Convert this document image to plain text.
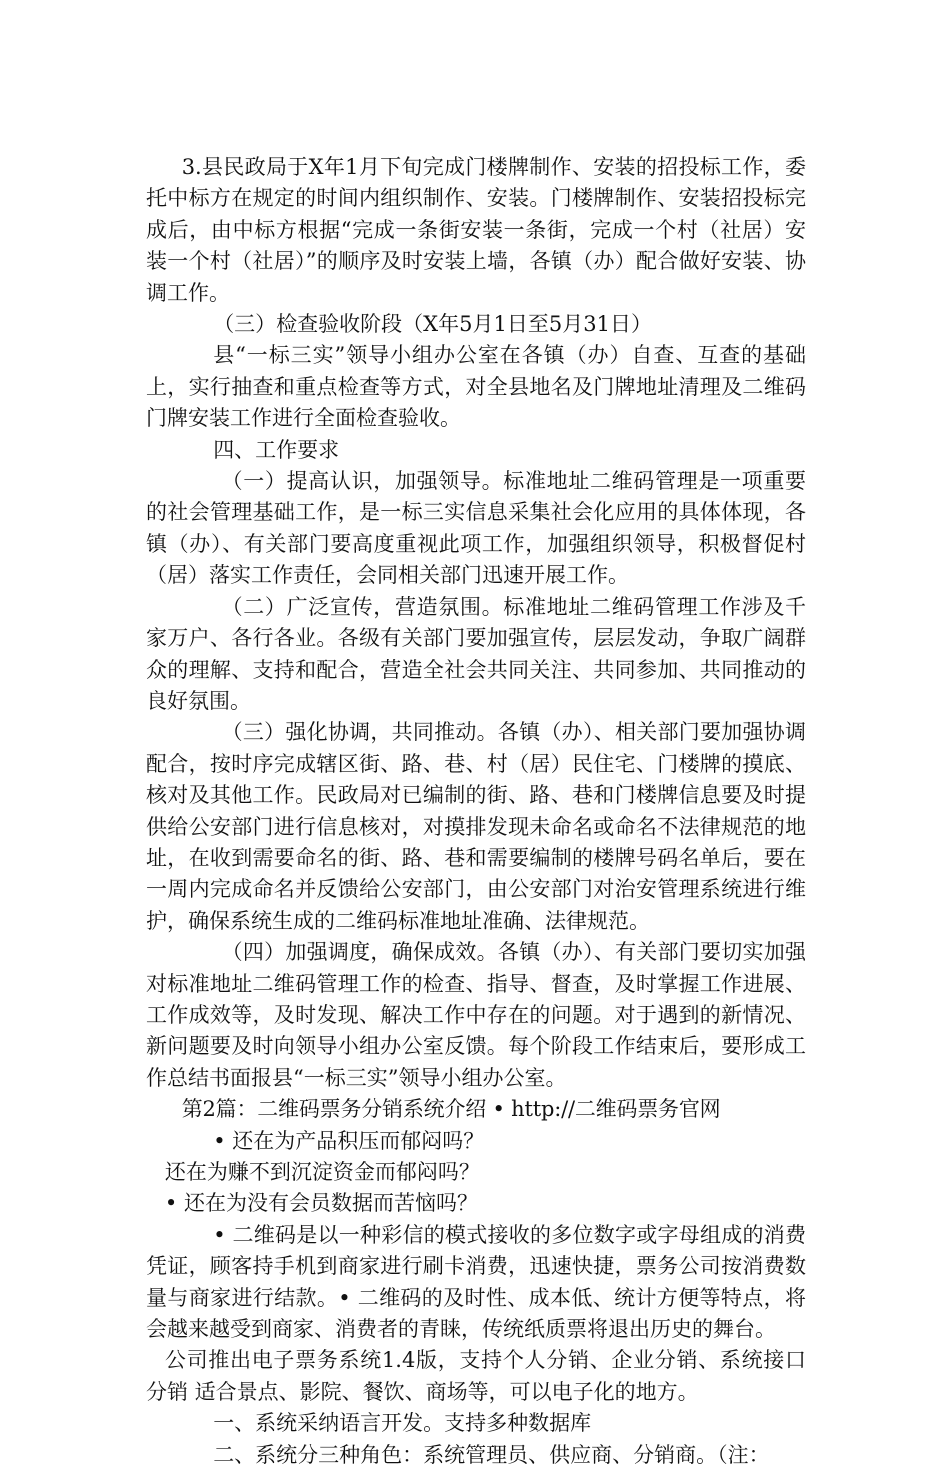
3.县民政局于X年1月下旬完成门楼牌制作、安装的招投标工作，委托中标方在规定的时间内组织制作、安装。门楼牌制作、安装招投标完成后，由中标方根据“完成一条街安装一条街，完成一个村（社居）安装一个村（社居）”的顺序及时安装上墙，各镇（办）配合做好安装、协调工作。

（三）检查验收阶段（X年5月1日至5月31日）

县“一标三实”领导小组办公室在各镇（办）自查、互查的基础上，实行抽查和重点检查等方式，对全县地名及门牌地址清理及二维码门牌安装工作进行全面检查验收。

四、工作要求

（一）提高认识，加强领导。标准地址二维码管理是一项重要的社会管理基础工作，是一标三实信息采集社会化应用的具体体现，各镇（办）、有关部门要高度重视此项工作，加强组织领导，积极督促村（居）落实工作责任，会同相关部门迅速开展工作。

（二）广泛宣传，营造氛围。标准地址二维码管理工作涉及千家万户、各行各业。各级有关部门要加强宣传，层层发动，争取广阔群众的理解、支持和配合，营造全社会共同关注、共同参加、共同推动的良好氛围。

（三）强化协调，共同推动。各镇（办）、相关部门要加强协调配合，按时序完成辖区街、路、巷、村（居）民住宅、门楼牌的摸底、核对及其他工作。民政局对已编制的街、路、巷和门楼牌信息要及时提供给公安部门进行信息核对，对摸排发现未命名或命名不法律规范的地址，在收到需要命名的街、路、巷和需要编制的楼牌号码名单后，要在一周内完成命名并反馈给公安部门，由公安部门对治安管理系统进行维护，确保系统生成的二维码标准地址准确、法律规范。

（四）加强调度，确保成效。各镇（办）、有关部门要切实加强对标准地址二维码管理工作的检查、指导、督查，及时掌握工作进展、工作成效等，及时发现、解决工作中存在的问题。对于遇到的新情况、新问题要及时向领导小组办公室反馈。每个阶段工作结束后，要形成工作总结书面报县“一标三实”领导小组办公室。

第2篇：二维码票务分销系统介绍 • http://二维码票务官网

• 还在为产品积压而郁闷吗？

还在为赚不到沉淀资金而郁闷吗？

• 还在为没有会员数据而苦恼吗？

• 二维码是以一种彩信的模式接收的多位数字或字母组成的消费凭证，顾客持手机到商家进行刷卡消费，迅速快捷，票务公司按消费数量与商家进行结款。• 二维码的及时性、成本低、统计方便等特点，将会越来越受到商家、消费者的青睐，传统纸质票将退出历史的舞台。

公司推出电子票务系统1.4版，支持个人分销、企业分销、系统接口分销 适合景点、影院、餐饮、商场等，可以电子化的地方。

一、系统采纳语言开发。支持多种数据库

二、系统分三种角色：系统管理员、供应商、分销商。（注：
